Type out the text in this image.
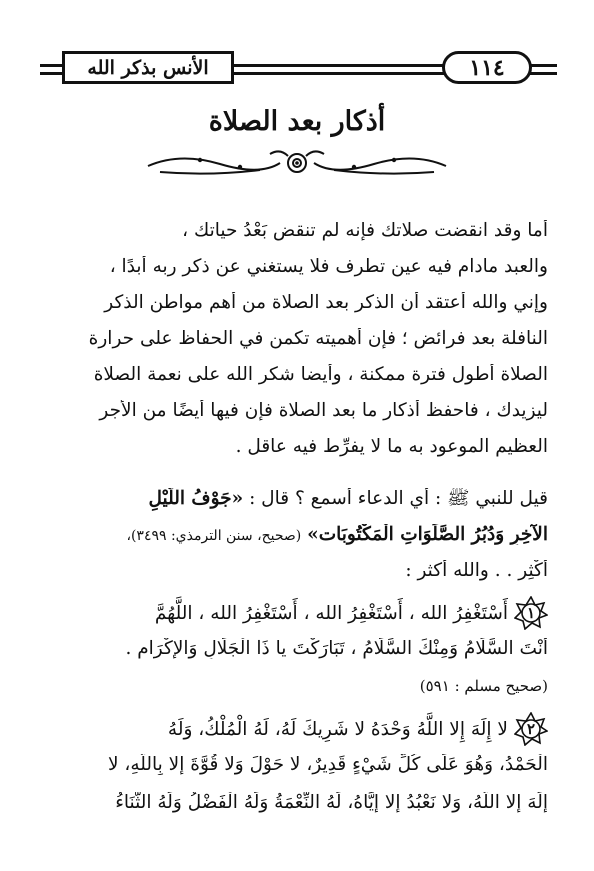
الأنس بذكر الله	١١٤
أذكار بعد الصلاة
أما وقد انقضت صلاتك فإنه لم تنقضِ بَعْدُ حياتك ،
والعبد مادام فيه عين تطرف فلا يستغني عن ذكر ربه أبدًا ،
وإني والله أعتقد أن الذكر بعد الصلاة من أهم مواطن الذكر
النافلة بعد فرائض ؛ فإن أهميته تكمن في الحفاظ على حرارة
الصلاة أطول فترة ممكنة ، وأيضا شكر الله على نعمة الصلاة
ليزيدك ، فاحفظ أذكار ما بعد الصلاة فإن فيها أيضًا من الأجر
العظيم الموعود به ما لا يفرِّط فيه عاقل .
قيل للنبي ﷺ : أي الدعاء أسمع ؟ قال : «جَوْفُ اللَّيْلِ
الآخِرِ وَدُبُرُ الصَّلَوَاتِ الْمَكْتُوبَات» (صحيح، سنن الترمذي: ٣٤٩٩)،
أَكْثِر . . والله أكثر :
١
أَسْتَغْفِرُ الله ، أَسْتَغْفِرُ الله ، أَسْتَغْفِرُ الله ، اللَّهُمَّ
أَنْتَ السَّلَامُ وَمِنْكَ السَّلَامُ ، تَبَارَكْتَ يا ذَا الْجَلَالِ وَالإِكْرَامِ .
(صحيح مسلم : ٥٩١)
٢
لا إِلَهَ إِلا اللَّهُ وَحْدَهُ لا شَرِيكَ لَهُ، لَهُ الْمُلْكُ، وَلَهُ
الْحَمْدُ، وَهُوَ عَلَى كُلِّ شَيْءٍ قَدِيرٌ، لا حَوْلَ وَلا قُوَّةَ إِلا بِاللَّهِ، لا
إِلَهَ إِلا اللَّهُ، وَلا نَعْبُدُ إِلا إِيَّاهُ، لَهُ النِّعْمَةُ وَلَهُ الْفَضْلُ وَلَهُ الثَّنَاءُ
